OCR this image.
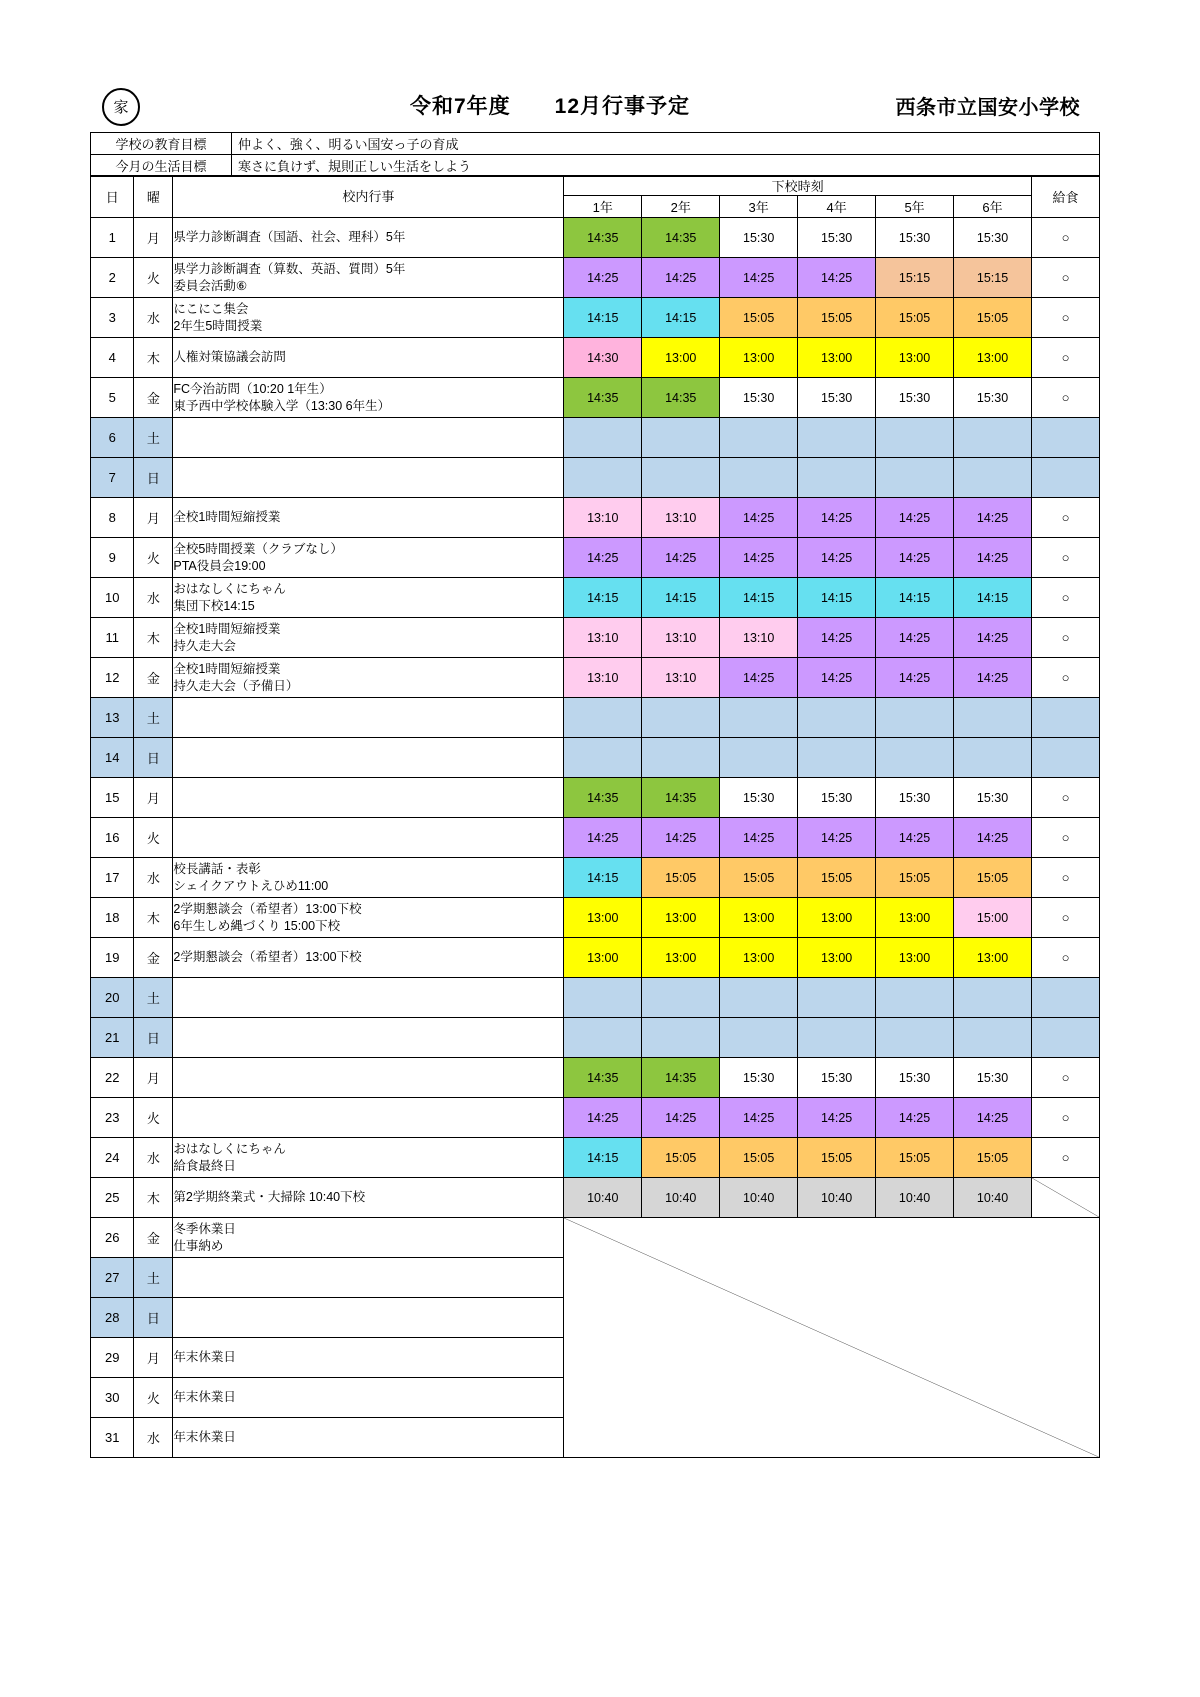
家	令和7年度　　12月行事予定	西条市立国安小学校
学校の教育目標	仲よく、強く、明るい国安っ子の育成
今月の生活目標	寒さに負けず、規則正しい生活をしよう
日	曜	校内行事	下校時刻						給食
			1年	2年	3年	4年	5年	6年	
1	月	県学力診断調査（国語、社会、理科）5年	14:35	14:35	15:30	15:30	15:30	15:30	○
2	火	県学力診断調査（算数、英語、質問）5年
委員会活動⑥	14:25	14:25	14:25	14:25	15:15	15:15	○
3	水	にこにこ集会
2年生5時間授業	14:15	14:15	15:05	15:05	15:05	15:05	○
4	木	人権対策協議会訪問	14:30	13:00	13:00	13:00	13:00	13:00	○
5	金	FC今治訪問（10:20 1年生）
東予西中学校体験入学（13:30 6年生）	14:35	14:35	15:30	15:30	15:30	15:30	○
6	土	

7	日	

8	月	全校1時間短縮授業	13:10	13:10	14:25	14:25	14:25	14:25	○
9	火	全校5時間授業（クラブなし）
PTA役員会19:00	14:25	14:25	14:25	14:25	14:25	14:25	○
10	水	おはなしくにちゃん
集団下校14:15	14:15	14:15	14:15	14:15	14:15	14:15	○
11	木	全校1時間短縮授業
持久走大会	13:10	13:10	13:10	14:25	14:25	14:25	○
12	金	全校1時間短縮授業
持久走大会（予備日）	13:10	13:10	14:25	14:25	14:25	14:25	○
13	土	

14	日	

15	月		14:35	14:35	15:30	15:30	15:30	15:30	○
16	火		14:25	14:25	14:25	14:25	14:25	14:25	○
17	水	校長講話・表彰
シェイクアウトえひめ11:00	14:15	15:05	15:05	15:05	15:05	15:05	○
18	木	2学期懇談会（希望者）13:00下校
6年生しめ縄づくり 15:00下校	13:00	13:00	13:00	13:00	13:00	15:00	○
19	金	2学期懇談会（希望者）13:00下校	13:00	13:00	13:00	13:00	13:00	13:00	○
20	土	

21	日	

22	月		14:35	14:35	15:30	15:30	15:30	15:30	○
23	火		14:25	14:25	14:25	14:25	14:25	14:25	○
24	水	おはなしくにちゃん
給食最終日	14:15	15:05	15:05	15:05	15:05	15:05	○
25	木	第2学期終業式・大掃除 10:40下校	10:40	10:40	10:40	10:40	10:40	10:40	

26	金	冬季休業日
仕事納め

27	土								

28	日								

29	月	年末休業日							

30	火	年末休業日							

31	水	年末休業日							
